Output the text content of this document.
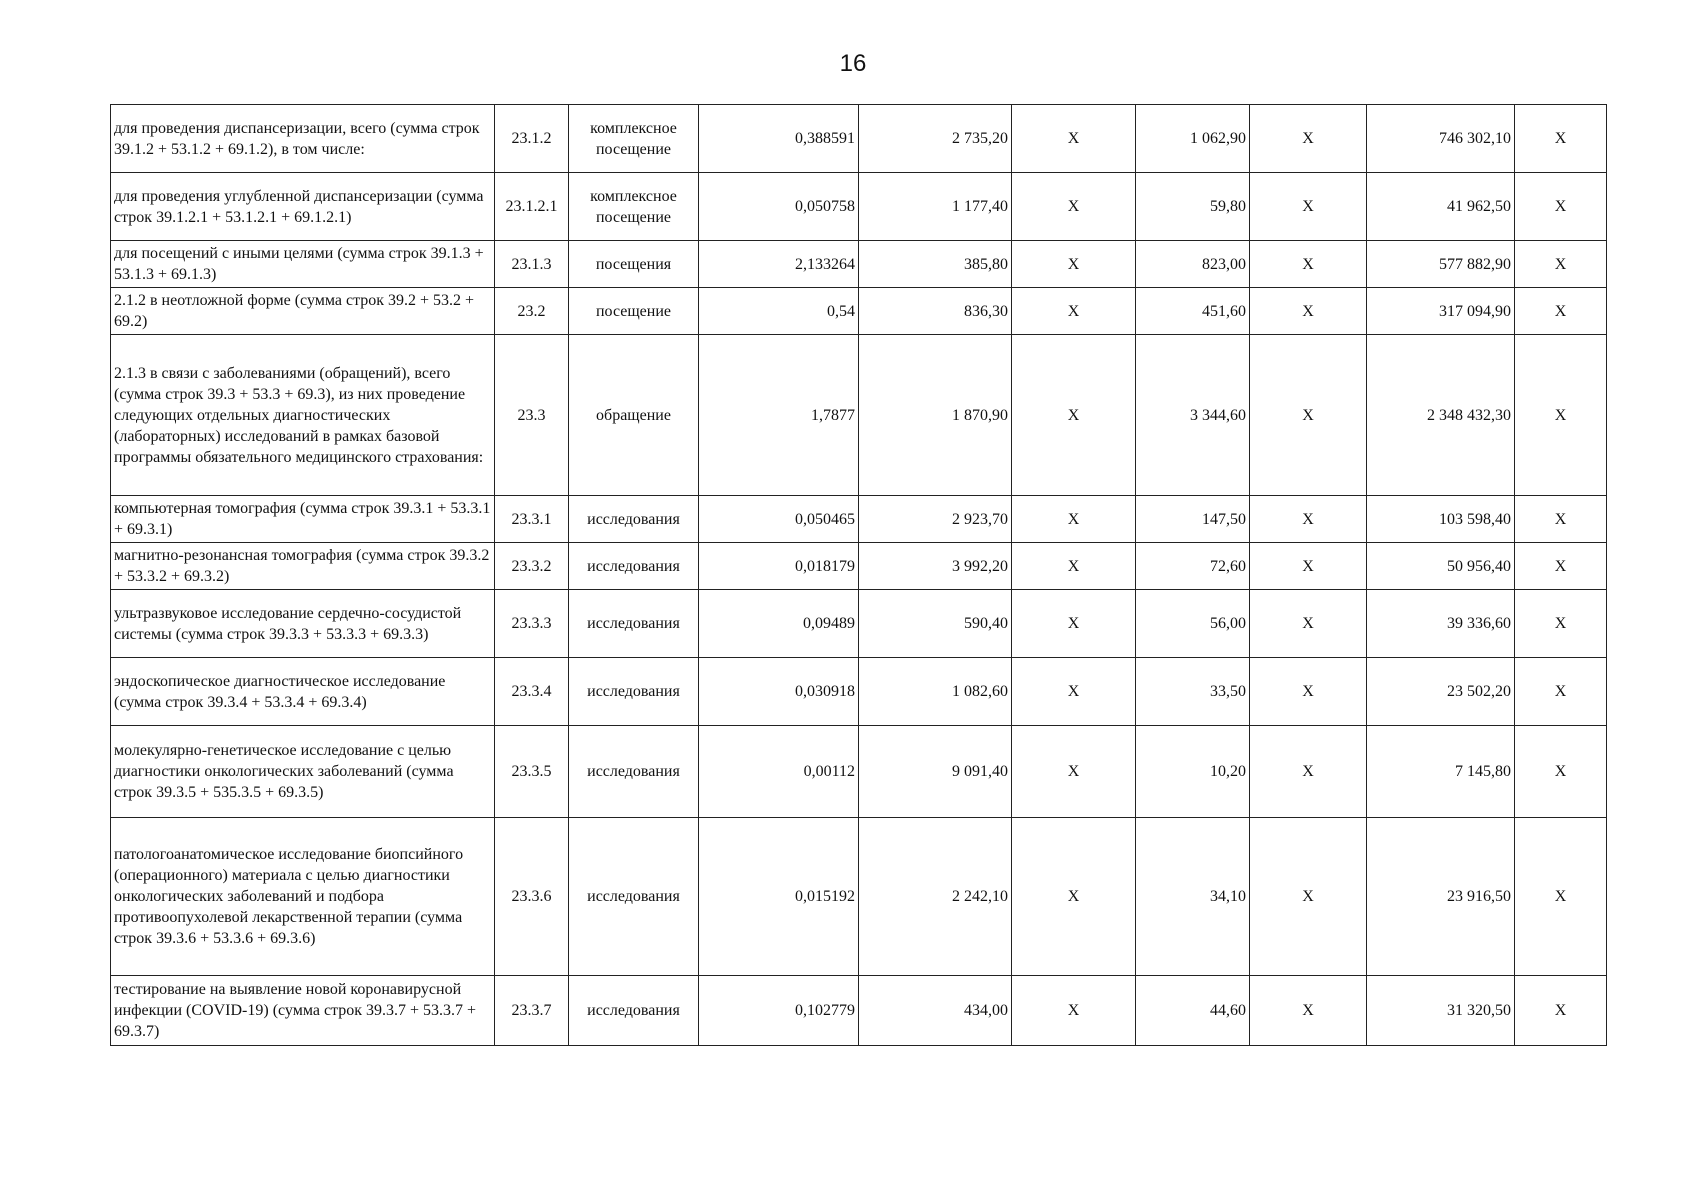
16
для проведения диспансеризации, всего (сумма строк 39.1.2 + 53.1.2 + 69.1.2), в том числе:	23.1.2	комплексное посещение	0,388591	2 735,20	X	1 062,90	X	746 302,10	X
для проведения углубленной диспансеризации (сумма строк 39.1.2.1 + 53.1.2.1 + 69.1.2.1)	23.1.2.1	комплексное посещение	0,050758	1 177,40	X	59,80	X	41 962,50	X
для посещений с иными целями (сумма строк 39.1.3 + 53.1.3 + 69.1.3)	23.1.3	посещения	2,133264	385,80	X	823,00	X	577 882,90	X
2.1.2 в неотложной форме (сумма строк 39.2 + 53.2 + 69.2)	23.2	посещение	0,54	836,30	X	451,60	X	317 094,90	X
2.1.3 в связи с заболеваниями (обращений), всего (сумма строк 39.3 + 53.3 + 69.3), из них проведение следующих отдельных диагностических (лабораторных) исследований в рамках базовой программы обязательного медицинского страхования:	23.3	обращение	1,7877	1 870,90	X	3 344,60	X	2 348 432,30	X
компьютерная томография (сумма строк 39.3.1 + 53.3.1 + 69.3.1)	23.3.1	исследования	0,050465	2 923,70	X	147,50	X	103 598,40	X
магнитно-резонансная томография (сумма строк 39.3.2 + 53.3.2 + 69.3.2)	23.3.2	исследования	0,018179	3 992,20	X	72,60	X	50 956,40	X
ультразвуковое исследование сердечно-сосудистой системы (сумма строк 39.3.3 + 53.3.3 + 69.3.3)	23.3.3	исследования	0,09489	590,40	X	56,00	X	39 336,60	X
эндоскопическое диагностическое исследование (сумма строк 39.3.4 + 53.3.4 + 69.3.4)	23.3.4	исследования	0,030918	1 082,60	X	33,50	X	23 502,20	X
молекулярно-генетическое исследование с целью диагностики онкологических заболеваний (сумма строк 39.3.5 + 535.3.5 + 69.3.5)	23.3.5	исследования	0,00112	9 091,40	X	10,20	X	7 145,80	X
патологоанатомическое исследование биопсийного (операционного) материала с целью диагностики онкологических заболеваний и подбора противоопухолевой лекарственной терапии (сумма строк 39.3.6 + 53.3.6 + 69.3.6)	23.3.6	исследования	0,015192	2 242,10	X	34,10	X	23 916,50	X
тестирование на выявление новой коронавирусной инфекции (COVID-19) (сумма строк 39.3.7 + 53.3.7 + 69.3.7)	23.3.7	исследования	0,102779	434,00	X	44,60	X	31 320,50	X
